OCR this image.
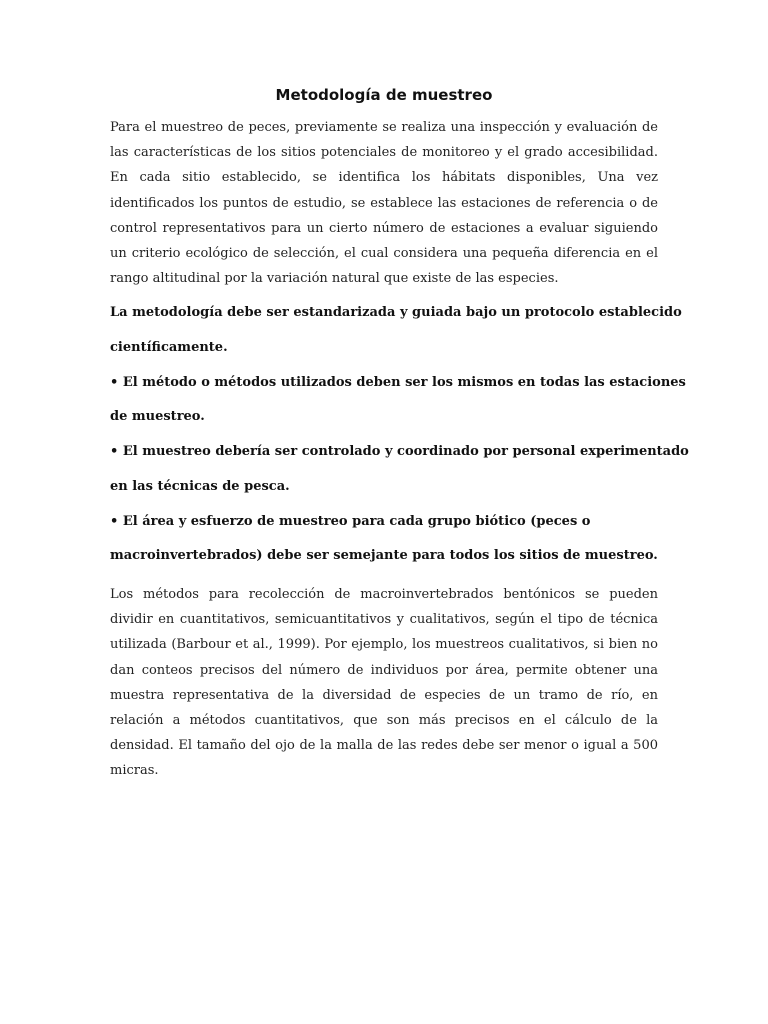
Metodología de muestreo

Para el muestreo de peces, previamente se realiza una inspección y evaluación de las características de los sitios potenciales de monitoreo y el grado accesibilidad. En cada sitio establecido, se identifica los hábitats disponibles, Una vez identificados los puntos de estudio, se establece las estaciones de referencia o de control representativos para un cierto número de estaciones a evaluar siguiendo un criterio ecológico de selección, el cual considera una pequeña diferencia en el rango altitudinal por la variación natural que existe de las especies.

La metodología debe ser estandarizada y guiada bajo un protocolo establecido
científicamente.
• El método o métodos utilizados deben ser los mismos en todas las estaciones
de muestreo.
• El muestreo debería ser controlado y coordinado por personal experimentado
en las técnicas de pesca.
• El área y esfuerzo de muestreo para cada grupo biótico (peces o
macroinvertebrados) debe ser semejante para todos los sitios de muestreo.

Los métodos para recolección de macroinvertebrados bentónicos se pueden dividir en cuantitativos, semicuantitativos y cualitativos, según el tipo de técnica utilizada (Barbour et al., 1999). Por ejemplo, los muestreos cualitativos, si bien no dan conteos precisos del número de individuos por área, permite obtener una muestra representativa de la diversidad de especies de un tramo de río, en relación a métodos cuantitativos, que son más precisos en el cálculo de la densidad. El tamaño del ojo de la malla de las redes debe ser menor o igual a 500 micras.
